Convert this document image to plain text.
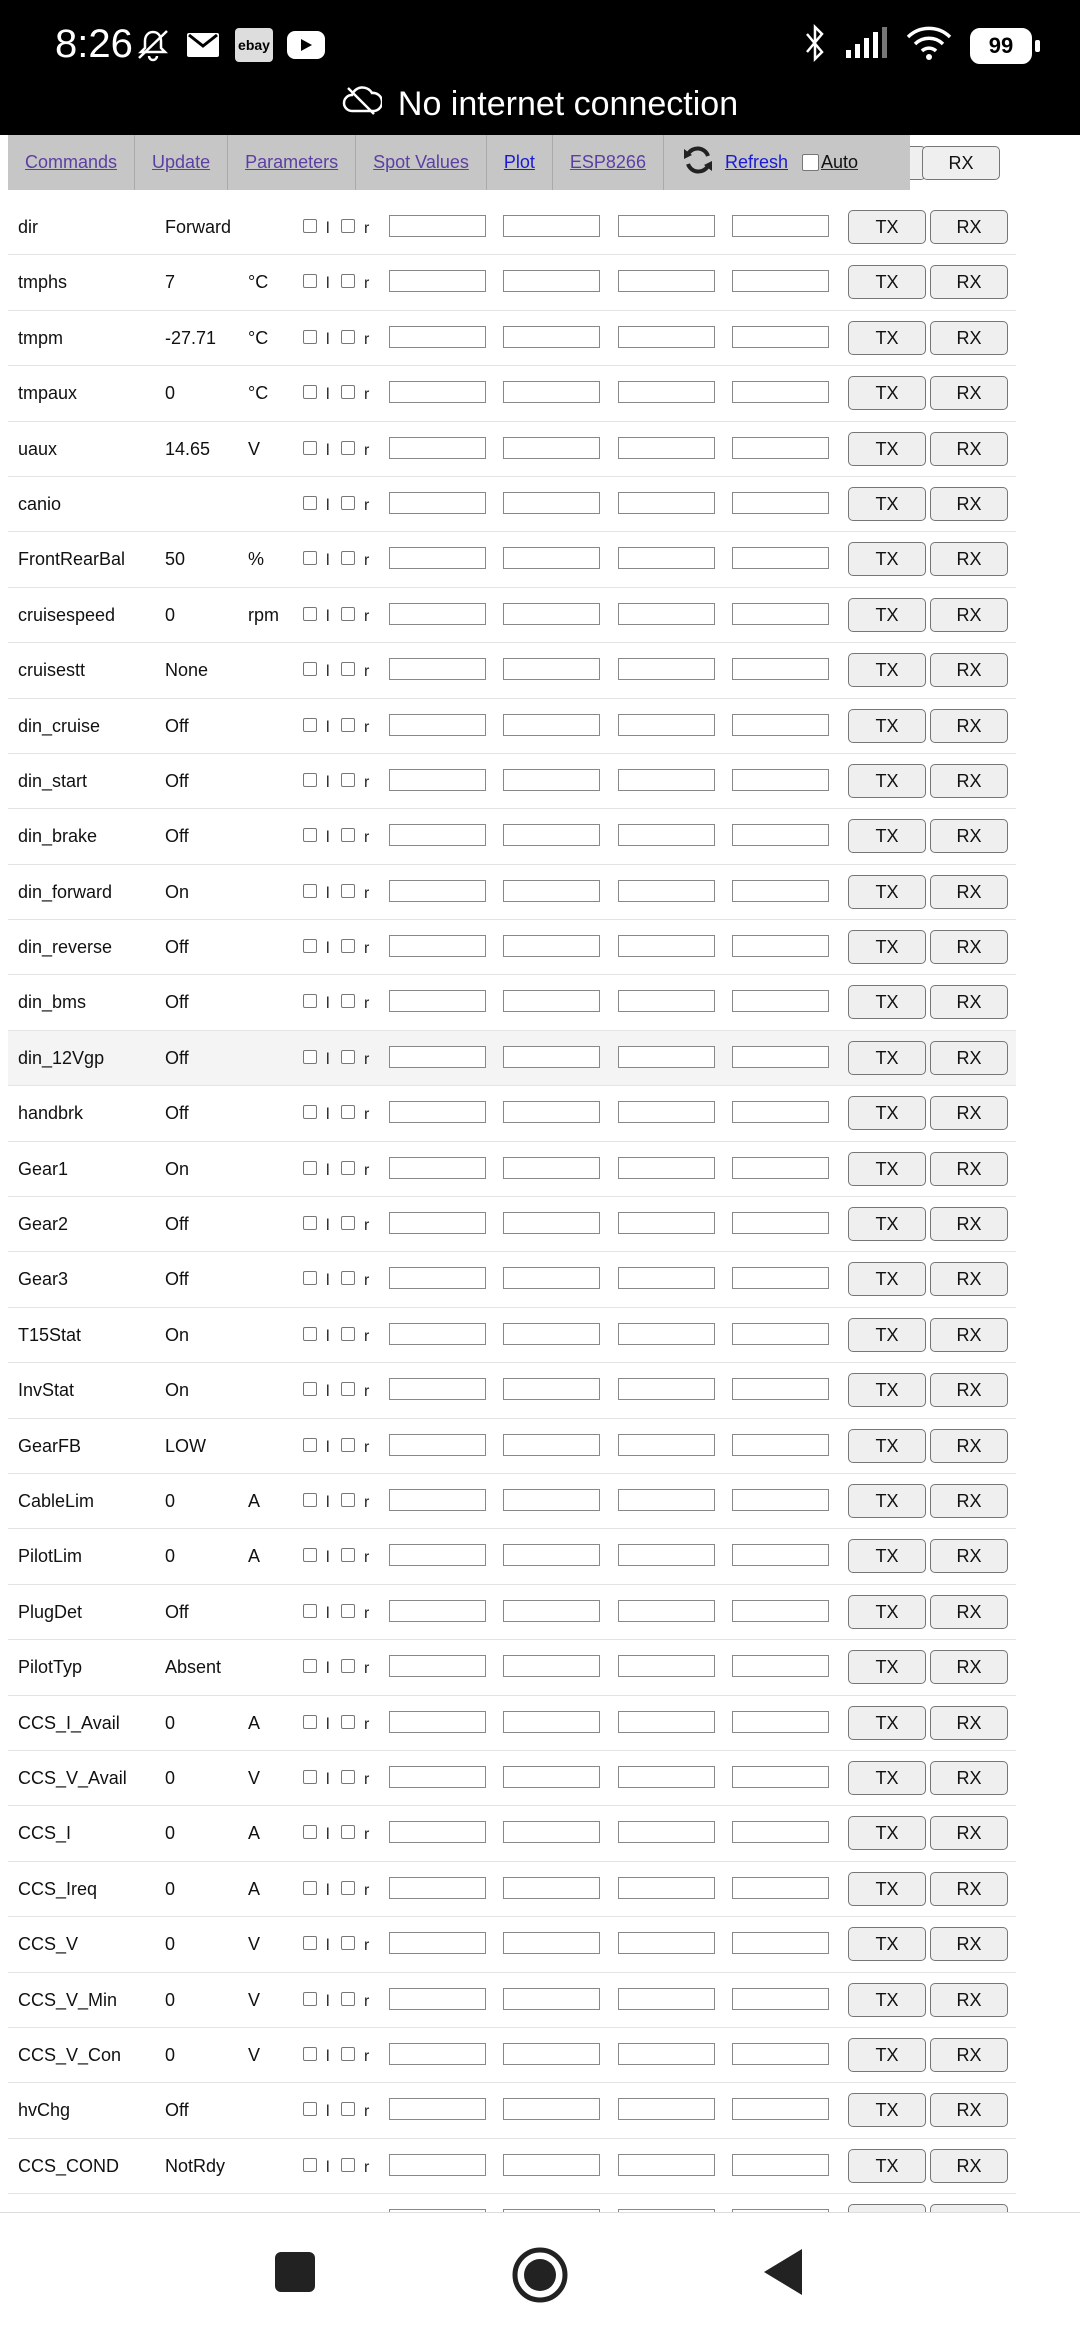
8:26	ebay	99
No internet connection
RX
Commands	Update	Parameters	Spot Values	Plot	ESP8266	Refresh Auto
dir	Forward	l r	TX	RX
tmphs	7	°C	l r	TX	RX
tmpm	-27.71 °C	l r	TX	RX
tmpaux	0	°C	l r	TX	RX
uaux	14.65 V	l r	TX	RX
canio	l r	TX	RX
FrontRearBal 50	%	l r	TX	RX
cruisespeed	0	rpm	l r	TX	RX
cruisestt	None	l r	TX	RX
din_cruise	Off	l r	TX	RX
din_start	Off	l r	TX	RX
din_brake	Off	l r	TX	RX
din_forward	On	l r	TX	RX
din_reverse	Off	l r	TX	RX
din_bms	Off	l r	TX	RX
din_12Vgp	Off	l r	TX	RX
handbrk	Off	l r	TX	RX
Gear1	On	l r	TX	RX
Gear2	Off	l r	TX	RX
Gear3	Off	l r	TX	RX
T15Stat	On	l r	TX	RX
InvStat	On	l r	TX	RX
GearFB	LOW	l r	TX	RX
CableLim	0	A	l r	TX	RX
PilotLim	0	A	l r	TX	RX
PlugDet	Off	l r	TX	RX
PilotTyp	Absent	l r	TX	RX
CCS_I_Avail	0	A	l r	TX	RX
CCS_V_Avail 0	V	l r	TX	RX
CCS_I	0	A	l r	TX	RX
CCS_Ireq	0	A	l r	TX	RX
CCS_V	0	V	l r	TX	RX
CCS_V_Min	0	V	l r	TX	RX
CCS_V_Con 0	V	l r	TX	RX
hvChg	Off	l r	TX	RX
CCS_COND	NotRdy	l r	TX	RX
